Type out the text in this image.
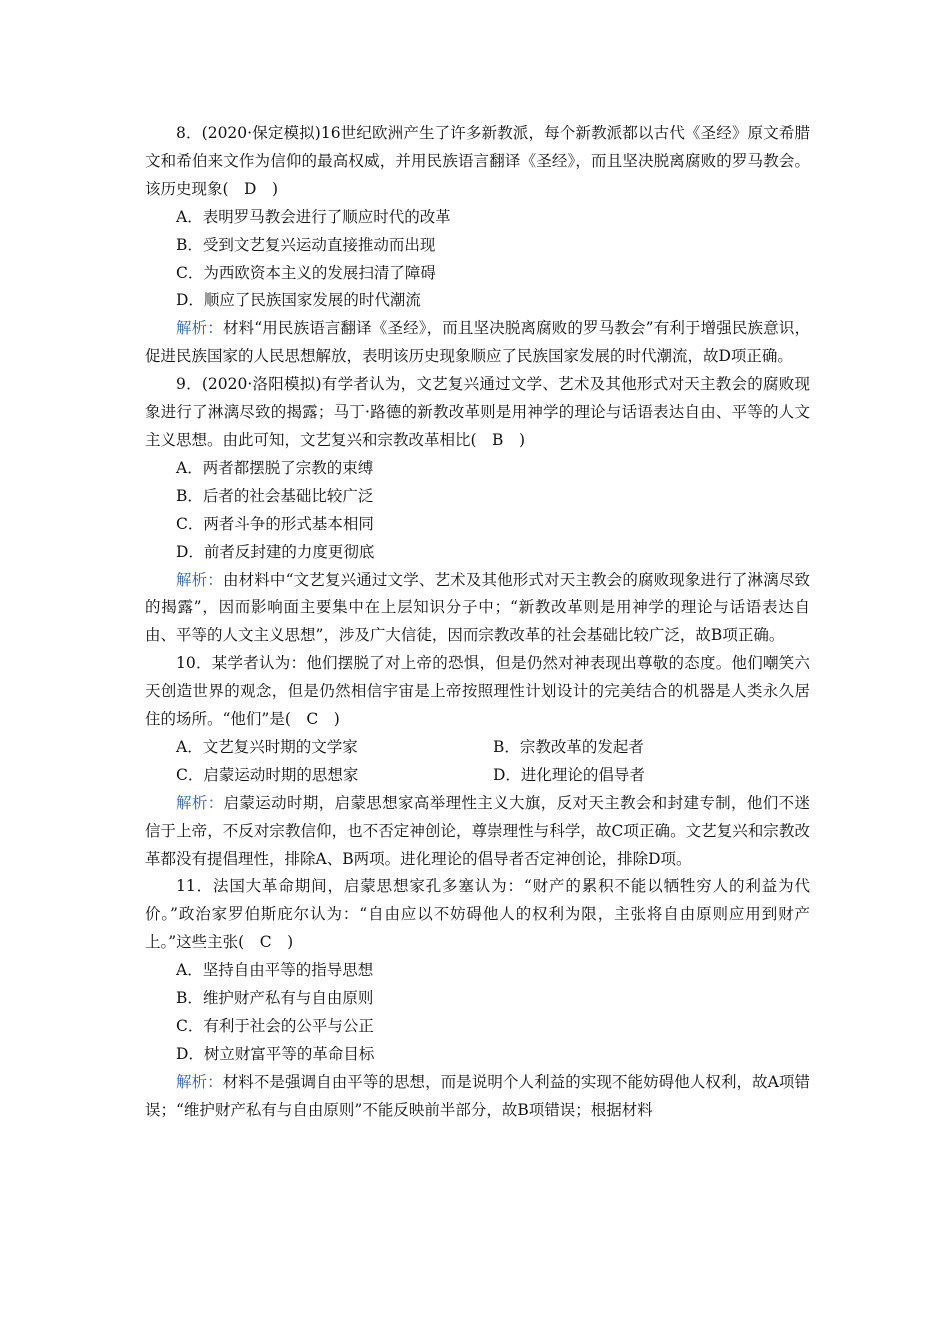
8．(2020·保定模拟)16世纪欧洲产生了许多新教派，每个新教派都以古代《圣经》原文希腊文和希伯来文作为信仰的最高权威，并用民族语言翻译《圣经》，而且坚决脱离腐败的罗马教会。该历史现象(　D　)

A．表明罗马教会进行了顺应时代的改革

B．受到文艺复兴运动直接推动而出现

C．为西欧资本主义的发展扫清了障碍

D．顺应了民族国家发展的时代潮流

解析：材料“用民族语言翻译《圣经》，而且坚决脱离腐败的罗马教会”有利于增强民族意识，促进民族国家的人民思想解放，表明该历史现象顺应了民族国家发展的时代潮流，故D项正确。

9．(2020·洛阳模拟)有学者认为，文艺复兴通过文学、艺术及其他形式对天主教会的腐败现象进行了淋漓尽致的揭露；马丁·路德的新教改革则是用神学的理论与话语表达自由、平等的人文主义思想。由此可知，文艺复兴和宗教改革相比(　B　)

A．两者都摆脱了宗教的束缚

B．后者的社会基础比较广泛

C．两者斗争的形式基本相同

D．前者反封建的力度更彻底

解析：由材料中“文艺复兴通过文学、艺术及其他形式对天主教会的腐败现象进行了淋漓尽致的揭露”，因而影响面主要集中在上层知识分子中；“新教改革则是用神学的理论与话语表达自由、平等的人文主义思想”，涉及广大信徒，因而宗教改革的社会基础比较广泛，故B项正确。

10．某学者认为：他们摆脱了对上帝的恐惧，但是仍然对神表现出尊敬的态度。他们嘲笑六天创造世界的观念，但是仍然相信宇宙是上帝按照理性计划设计的完美结合的机器是人类永久居住的场所。“他们”是(　C　)

A．文艺复兴时期的文学家	B．宗教改革的发起者
C．启蒙运动时期的思想家	D．进化理论的倡导者

解析：启蒙运动时期，启蒙思想家高举理性主义大旗，反对天主教会和封建专制，他们不迷信于上帝，不反对宗教信仰，也不否定神创论，尊崇理性与科学，故C项正确。文艺复兴和宗教改革都没有提倡理性，排除A、B两项。进化理论的倡导者否定神创论，排除D项。

11．法国大革命期间，启蒙思想家孔多塞认为：“财产的累积不能以牺牲穷人的利益为代价。”政治家罗伯斯庇尔认为：“自由应以不妨碍他人的权利为限，主张将自由原则应用到财产上。”这些主张(　C　)

A．坚持自由平等的指导思想

B．维护财产私有与自由原则

C．有利于社会的公平与公正

D．树立财富平等的革命目标

解析：材料不是强调自由平等的思想，而是说明个人利益的实现不能妨碍他人权利，故A项错误；“维护财产私有与自由原则”不能反映前半部分，故B项错误；根据材料
